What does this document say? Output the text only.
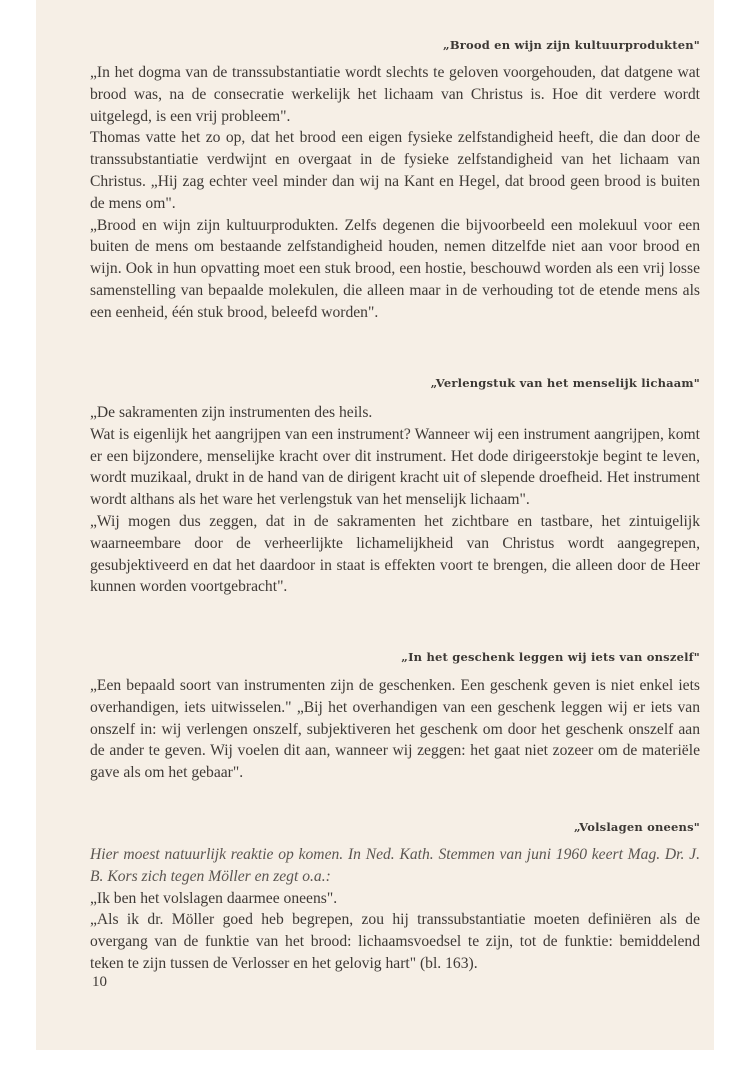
„Brood en wijn zijn kultuurprodukten"

„In het dogma van de transsubstantiatie wordt slechts te geloven voorgehouden, dat datgene wat brood was, na de consecratie werkelijk het lichaam van Christus is. Hoe dit verdere wordt uitgelegd, is een vrij probleem".

Thomas vatte het zo op, dat het brood een eigen fysieke zelfstandigheid heeft, die dan door de transsubstantiatie verdwijnt en overgaat in de fysieke zelfstandigheid van het lichaam van Christus. „Hij zag echter veel minder dan wij na Kant en Hegel, dat brood geen brood is buiten de mens om".

„Brood en wijn zijn kultuurprodukten. Zelfs degenen die bijvoorbeeld een molekuul voor een buiten de mens om bestaande zelfstandigheid houden, nemen ditzelfde niet aan voor brood en wijn. Ook in hun opvatting moet een stuk brood, een hostie, beschouwd worden als een vrij losse samenstelling van bepaalde molekulen, die alleen maar in de verhouding tot de etende mens als een eenheid, één stuk brood, beleefd worden".

„Verlengstuk van het menselijk lichaam"

„De sakramenten zijn instrumenten des heils.

Wat is eigenlijk het aangrijpen van een instrument? Wanneer wij een instrument aangrijpen, komt er een bijzondere, menselijke kracht over dit instrument. Het dode dirigeerstokje begint te leven, wordt muzikaal, drukt in de hand van de dirigent kracht uit of slepende droefheid. Het instrument wordt althans als het ware het verlengstuk van het menselijk lichaam".

„Wij mogen dus zeggen, dat in de sakramenten het zichtbare en tastbare, het zintuigelijk waarneembare door de verheerlijkte lichamelijkheid van Christus wordt aangegrepen, gesubjektiveerd en dat het daardoor in staat is effekten voort te brengen, die alleen door de Heer kunnen worden voortgebracht".

„In het geschenk leggen wij iets van onszelf"

„Een bepaald soort van instrumenten zijn de geschenken. Een geschenk geven is niet enkel iets overhandigen, iets uitwisselen." „Bij het overhandigen van een geschenk leggen wij er iets van onszelf in: wij verlengen onszelf, subjektiveren het geschenk om door het geschenk onszelf aan de ander te geven. Wij voelen dit aan, wanneer wij zeggen: het gaat niet zozeer om de materiële gave als om het gebaar".

„Volslagen oneens"

Hier moest natuurlijk reaktie op komen. In Ned. Kath. Stemmen van juni 1960 keert Mag. Dr. J. B. Kors zich tegen Möller en zegt o.a.:

„Ik ben het volslagen daarmee oneens".

„Als ik dr. Möller goed heb begrepen, zou hij transsubstantiatie moeten definiëren als de overgang van de funktie van het brood: lichaamsvoedsel te zijn, tot de funktie: bemiddelend teken te zijn tussen de Verlosser en het gelovig hart" (bl. 163).

10
